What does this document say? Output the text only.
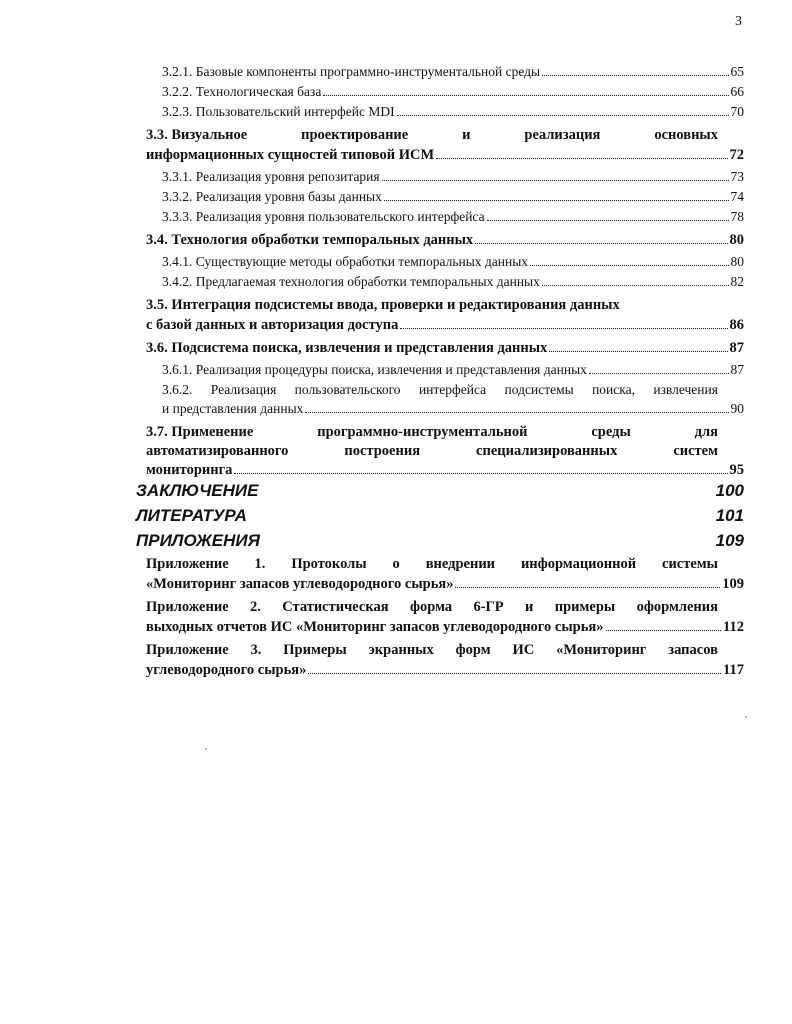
3
3.2.1. Базовые компоненты программно-инструментальной среды	65
3.2.2. Технологическая база	66
3.2.3. Пользовательский интерфейс MDI	70
3.3. Визуальное	проектирование	и	реализация	основных
информационных сущностей типовой ИСМ	72
3.3.1. Реализация уровня репозитария	73
3.3.2. Реализация уровня базы данных	74
3.3.3. Реализация уровня пользовательского интерфейса	78
3.4. Технология обработки темпоральных данных	80
3.4.1. Существующие методы обработки темпоральных данных	80
3.4.2. Предлагаемая технология обработки темпоральных данных	82
3.5. Интеграция подсистемы ввода, проверки и редактирования данных
с базой данных и авторизация доступа	86
3.6. Подсистема поиска, извлечения и представления данных	87
3.6.1. Реализация процедуры поиска, извлечения и представления данных	87
3.6.2. Реализация пользовательского интерфейса подсистемы поиска, извлечения
и представления данных	90
3.7. Применение	программно-инструментальной	среды	для
автоматизированного	построения	специализированных	систем
мониторинга	95
ЗАКЛЮЧЕНИЕ	100
ЛИТЕРАТУРА	101
ПРИЛОЖЕНИЯ	109
Приложение 1. Протоколы о внедрении информационной системы
«Мониторинг запасов углеводородного сырья»	109
Приложение 2. Статистическая форма 6-ГР и примеры оформления
выходных отчетов ИС «Мониторинг запасов углеводородного сырья»	112
Приложение 3. Примеры экранных форм ИС «Мониторинг запасов
углеводородного сырья»	117
